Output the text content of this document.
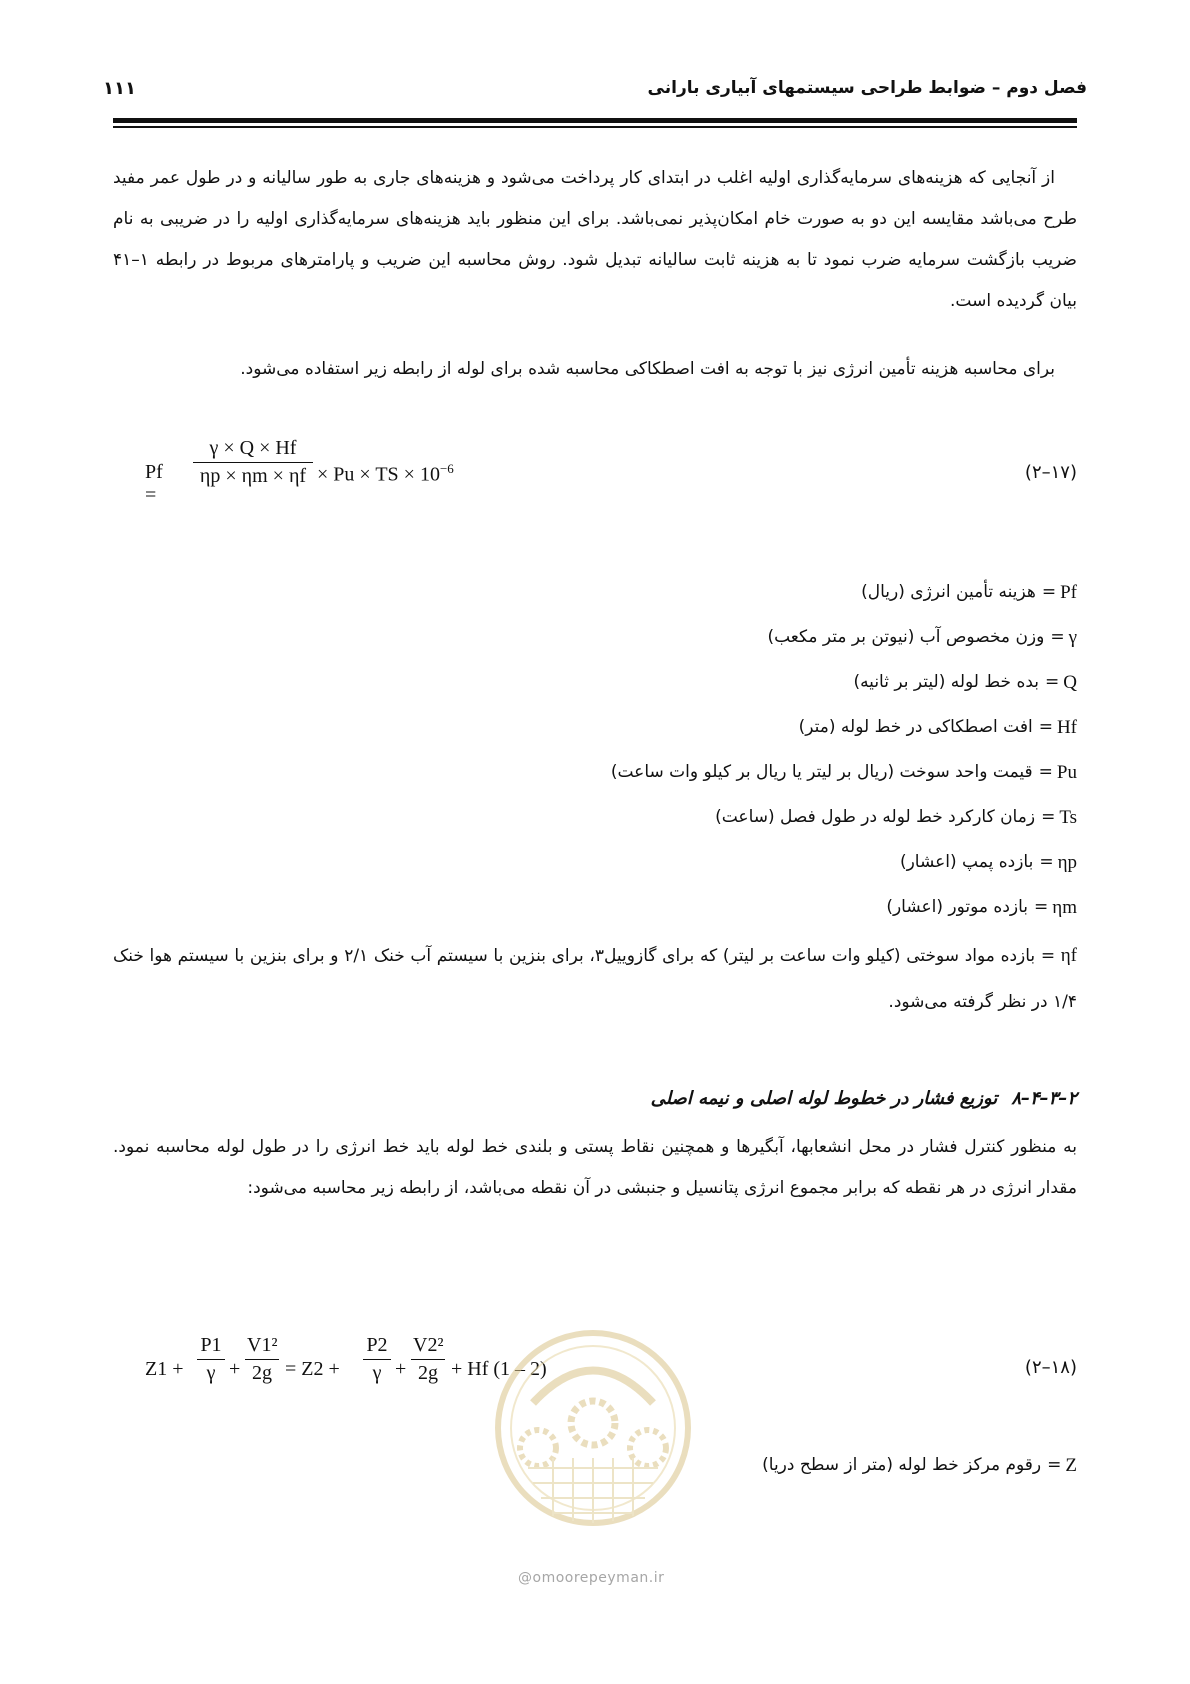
فصل دوم – ضوابط طراحی سیستمهای آبیاری بارانی
۱۱۱
از آنجایی که هزینه‌های سرمایه‌گذاری اولیه اغلب در ابتدای کار پرداخت می‌شود و هزینه‌های جاری به طور سالیانه و در طول عمر مفید طرح می‌باشد مقایسه این دو به صورت خام امکان‌پذیر نمی‌باشد. برای این منظور باید هزینه‌های سرمایه‌گذاری اولیه را در ضریبی به نام ضریب بازگشت سرمایه ضرب نمود تا به هزینه ثابت سالیانه تبدیل شود. روش محاسبه این ضریب و پارامترهای مربوط در رابطه ۱–۴۱ بیان گردیده است.
برای محاسبه هزینه تأمین انرژی نیز با توجه به افت اصطکاکی محاسبه شده برای لوله از رابطه زیر استفاده می‌شود.
Pf =
γ × Q × Hf
ηp × ηm × ηf × Pu × TS × $10^{-6}$	(۱۷–۲)
Pf
=
هزینه تأمین انرژی (ریال)
γ
=
وزن مخصوص آب (نیوتن بر متر مکعب)
Q
=
بده خط لوله (لیتر بر ثانیه)
Hf
=
افت اصطکاکی در خط لوله (متر)
Pu
=
قیمت واحد سوخت (ریال بر لیتر یا ریال بر کیلو وات ساعت)
Ts
=
زمان کارکرد خط لوله در طول فصل (ساعت)
ηp
=
بازده پمپ (اعشار)
ηm
=
بازده موتور (اعشار)
ηf = بازده مواد سوختی (کیلو وات ساعت بر لیتر) که برای گازوییل۳، برای بنزین با سیستم آب خنک ۲/۱ و برای بنزین با سیستم هوا خنک ۱/۴ در نظر گرفته می‌شود.
۲–۳–۴–۸توزیع فشار در خطوط لوله اصلی و نیمه اصلی
به منظور کنترل فشار در محل انشعابها، آبگیرها و همچنین نقاط پستی و بلندی خط لوله باید خط انرژی را در طول لوله محاسبه نمود. مقدار انرژی در هر نقطه که برابر مجموع انرژی پتانسیل و جنبشی در آن نقطه می‌باشد، از رابطه زیر محاسبه می‌شود:
Z1 +
P1
γ +
V1²
2g = Z2 +
P2
γ +
V2²
2g + Hf (1 – 2)	(۱۸–۲)
Z
=
رقوم مرکز خط لوله (متر از سطح دریا)
@omoorepeyman.ir
